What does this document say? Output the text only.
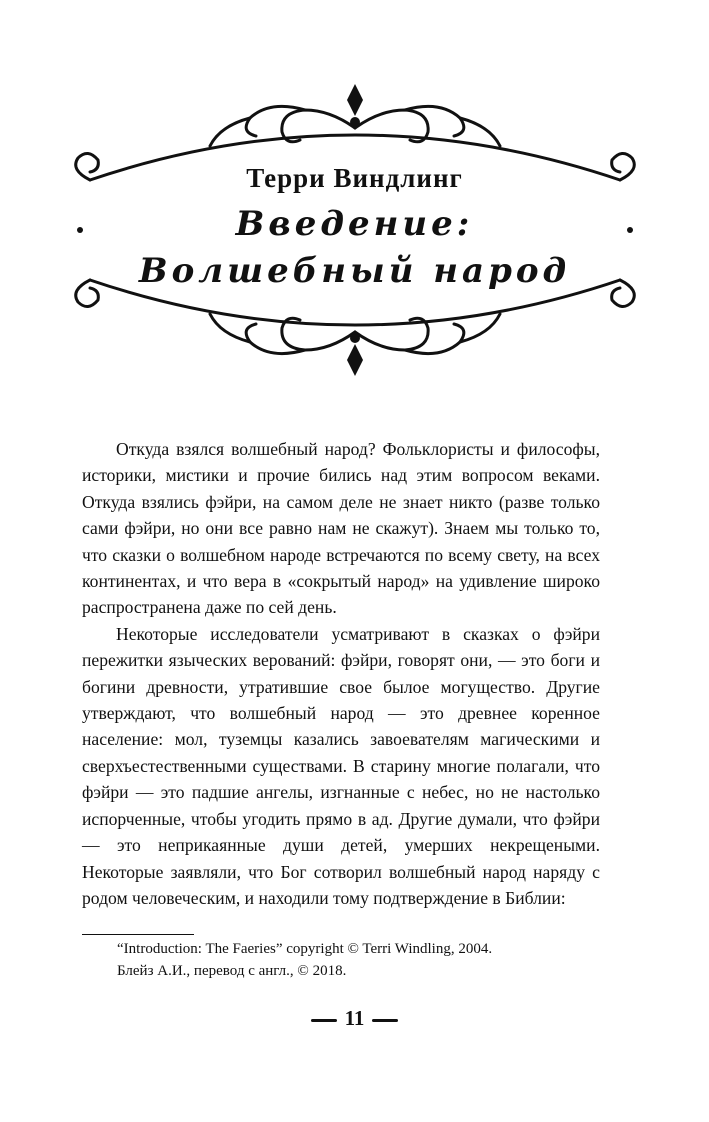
Терри Виндлинг
Введение:
Волшебный народ

Откуда взялся волшебный народ? Фольклористы и философы, историки, мистики и прочие бились над этим вопросом веками. Откуда взялись фэйри, на самом деле не знает никто (разве только сами фэйри, но они все равно нам не скажут). Знаем мы только то, что сказки о волшебном народе встречаются по всему свету, на всех континентах, и что вера в «сокрытый народ» на удивление широко распространена даже по сей день.

Некоторые исследователи усматривают в сказках о фэйри пережитки языческих верований: фэйри, говорят они, — это боги и богини древности, утратившие свое былое могущество. Другие утверждают, что волшебный народ — это древнее коренное население: мол, туземцы казались завоевателям магическими и сверхъестественными существами. В старину многие полагали, что фэйри — это падшие ангелы, изгнанные с небес, но не настолько испорченные, чтобы угодить прямо в ад. Другие думали, что фэйри — это неприкаянные души детей, умерших некрещеными. Некоторые заявляли, что Бог сотворил волшебный народ наряду с родом человеческим, и находили тому подтверждение в Библии:

“Introduction: The Faeries” copyright © Terri Windling, 2004.
Блейз А.И., перевод с англ., © 2018.
11
